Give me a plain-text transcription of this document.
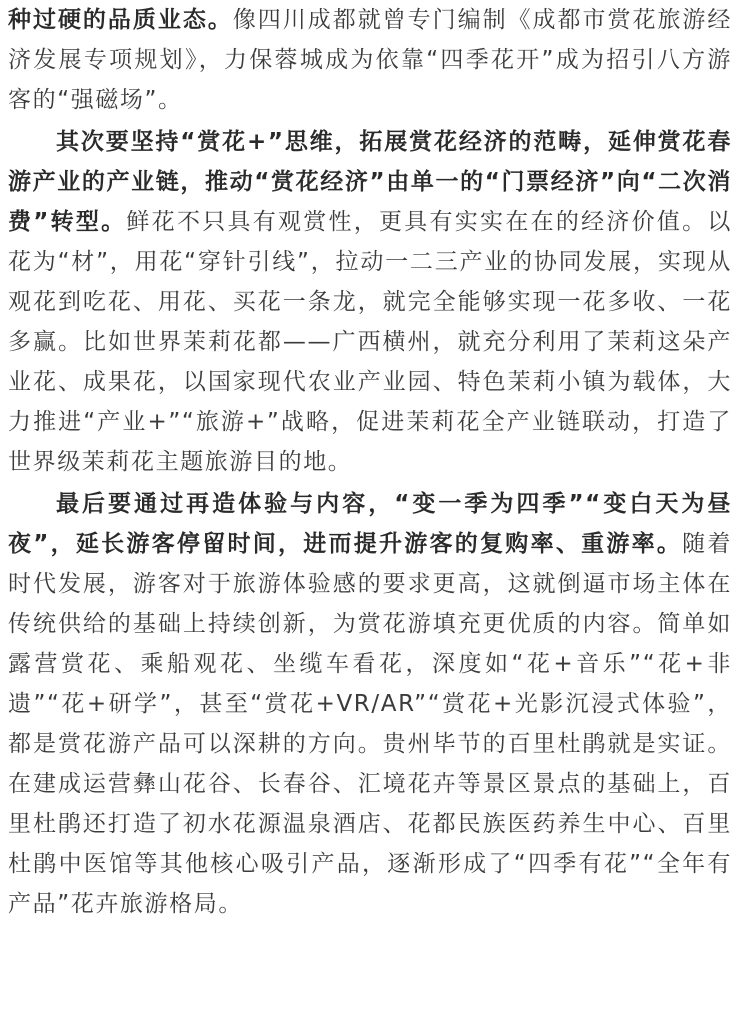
种过硬的品质业态。像四川成都就曾专门编制《成都市赏花旅游经济发展专项规划》，力保蓉城成为依靠“四季花开”成为招引八方游客的“强磁场”。

其次要坚持“赏花+”思维，拓展赏花经济的范畴，延伸赏花春游产业的产业链，推动“赏花经济”由单一的“门票经济”向“二次消费”转型。鲜花不只具有观赏性，更具有实实在在的经济价值。以花为“材”，用花“穿针引线”，拉动一二三产业的协同发展，实现从观花到吃花、用花、买花一条龙，就完全能够实现一花多收、一花多赢。比如世界茉莉花都——广西横州，就充分利用了茉莉这朵产业花、成果花，以国家现代农业产业园、特色茉莉小镇为载体，大力推进“产业+”“旅游+”战略，促进茉莉花全产业链联动，打造了世界级茉莉花主题旅游目的地。

最后要通过再造体验与内容，“变一季为四季”“变白天为昼夜”，延长游客停留时间，进而提升游客的复购率、重游率。随着时代发展，游客对于旅游体验感的要求更高，这就倒逼市场主体在传统供给的基础上持续创新，为赏花游填充更优质的内容。简单如露营赏花、乘船观花、坐缆车看花，深度如“花+音乐”“花+非遗”“花+研学”，甚至“赏花+VR/AR”“赏花+光影沉浸式体验”，都是赏花游产品可以深耕的方向。贵州毕节的百里杜鹃就是实证。在建成运营彝山花谷、长春谷、汇境花卉等景区景点的基础上，百里杜鹃还打造了初水花源温泉酒店、花都民族医药养生中心、百里杜鹃中医馆等其他核心吸引产品，逐渐形成了“四季有花”“全年有产品”花卉旅游格局。
